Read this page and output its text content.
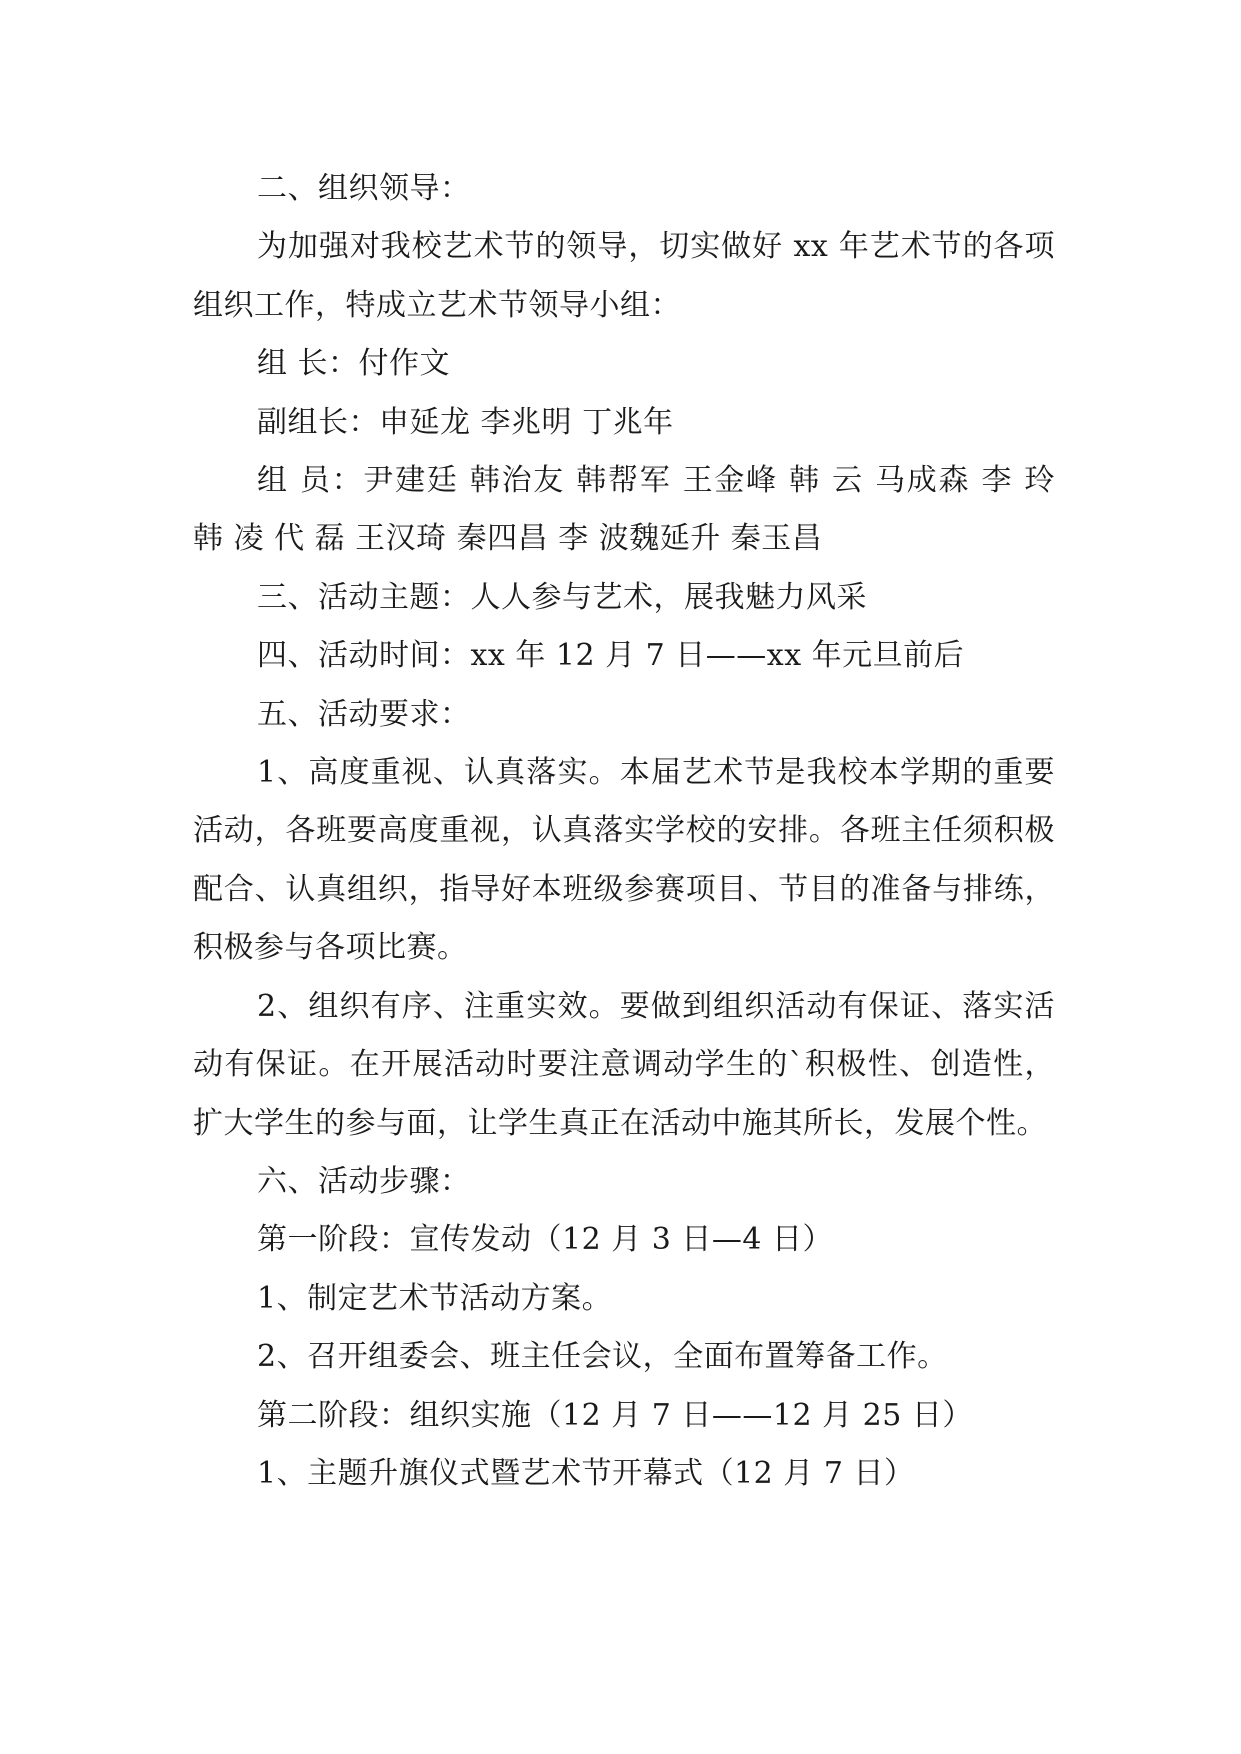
二、组织领导：

为加强对我校艺术节的领导，切实做好 xx 年艺术节的各项组织工作，特成立艺术节领导小组：

组 长：付作文

副组长：申延龙 李兆明 丁兆年

组 员：尹建廷 韩治友 韩帮军 王金峰 韩 云 马成森 李 玲 韩 凌 代 磊 王汉琦 秦四昌 李 波魏延升 秦玉昌

三、活动主题：人人参与艺术，展我魅力风采

四、活动时间：xx 年 12 月 7 日——xx 年元旦前后

五、活动要求：

1、高度重视、认真落实。本届艺术节是我校本学期的重要活动，各班要高度重视，认真落实学校的安排。各班主任须积极配合、认真组织，指导好本班级参赛项目、节目的准备与排练，积极参与各项比赛。

2、组织有序、注重实效。要做到组织活动有保证、落实活动有保证。在开展活动时要注意调动学生的`积极性、创造性，扩大学生的参与面，让学生真正在活动中施其所长，发展个性。

六、活动步骤：

第一阶段：宣传发动（12 月 3 日—4 日）

1、制定艺术节活动方案。

2、召开组委会、班主任会议，全面布置筹备工作。

第二阶段：组织实施（12 月 7 日——12 月 25 日）

1、主题升旗仪式暨艺术节开幕式（12 月 7 日）
